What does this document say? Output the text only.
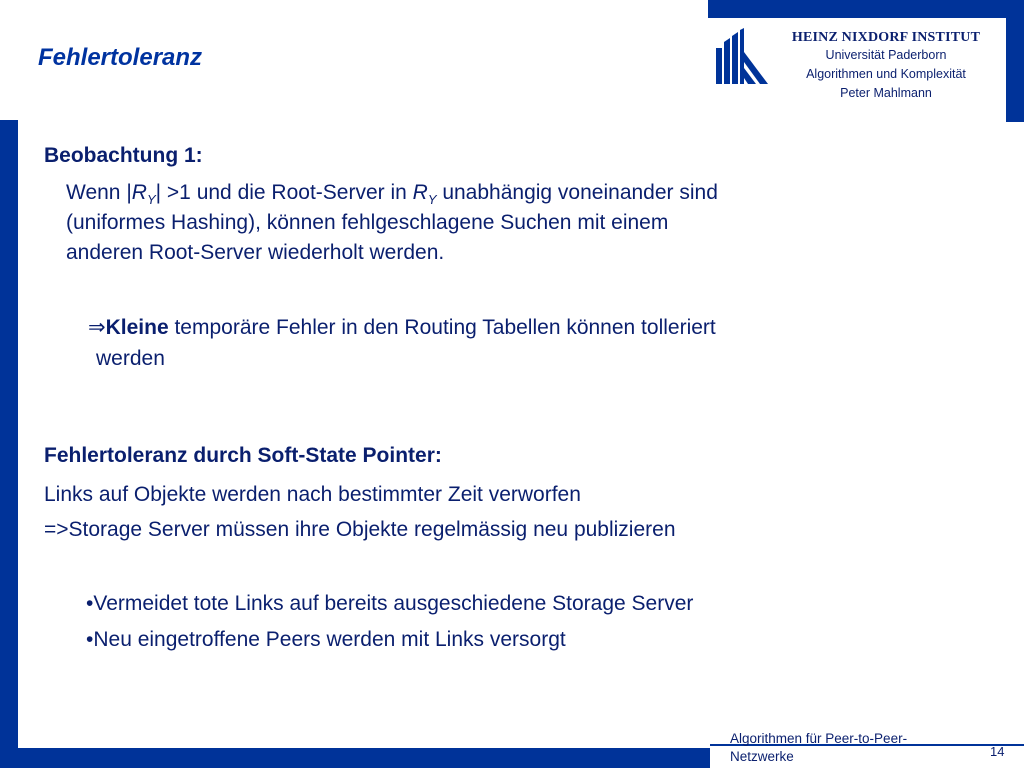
Fehlertoleranz
HEINZ NIXDORF INSTITUT
Universität Paderborn
Algorithmen und Komplexität
Peter Mahlmann
Beobachtung 1:
Wenn $|R_Y| >1$ und die Root-Server in $R_Y$ unabhängig voneinander sind
(uniformes Hashing), können fehlgeschlagene Suchen mit einem
anderen Root-Server wiederholt werden.
⇒Kleine temporäre Fehler in den Routing Tabellen können tolleriert
werden
Fehlertoleranz durch Soft-State Pointer:
Links auf Objekte werden nach bestimmter Zeit verworfen
=>Storage Server müssen ihre Objekte regelmässig neu publizieren
•Vermeidet tote Links auf bereits ausgeschiedene Storage Server
•Neu eingetroffene Peers werden mit Links versorgt
Algorithmen für Peer-to-Peer-
Netzwerke	14
